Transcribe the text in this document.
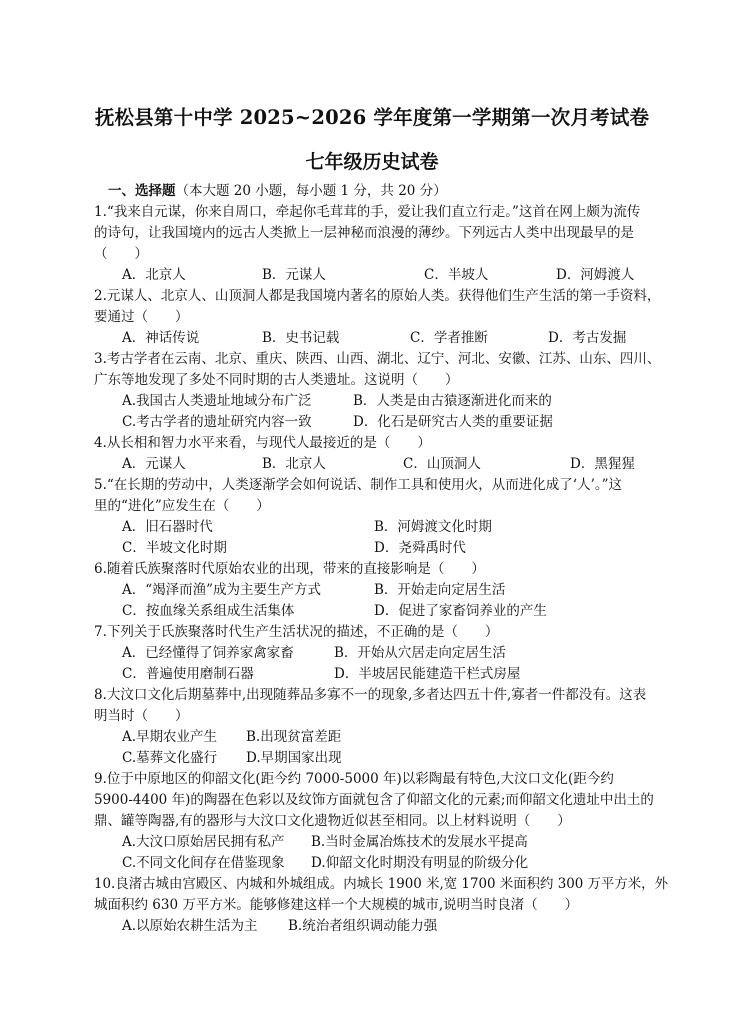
抚松县第十中学 2025~2026 学年度第一学期第一次月考试卷
七年级历史试卷
一、选择题（本大题 20 小题，每小题 1 分，共 20 分）
1.“我来自元谋，你来自周口，牵起你毛茸茸的手，爱让我们直立行走。”这首在网上颇为流传
的诗句，让我国境内的远古人类掀上一层神秘而浪漫的薄纱。下列远古人类中出现最早的是
（　　）
A．北京人	B．元谋人	C．半坡人	D．河姆渡人
2.元谋人、北京人、山顶洞人都是我国境内著名的原始人类。获得他们生产生活的第一手资料，
要通过（　　）
A．神话传说	B．史书记载	C．学者推断	D．考古发掘
3.考古学者在云南、北京、重庆、陕西、山西、湖北、辽宁、河北、安徽、江苏、山东、四川、
广东等地发现了多处不同时期的古人类遗址。这说明（　　）
A.我国古人类遗址地域分布广泛	B．人类是由古猿逐渐进化而来的
C.考古学者的遗址研究内容一致	D．化石是研究古人类的重要证据
4.从长相和智力水平来看，与现代人最接近的是（　　）
A．元谋人	B．北京人	C．山顶洞人	D．黑猩猩
5.“在长期的劳动中，人类逐渐学会如何说话、制作工具和使用火，从而进化成了‘人’。”这
里的“进化”应发生在（　　）
A．旧石器时代	B．河姆渡文化时期
C．半坡文化时期	D．尧舜禹时代
6.随着氏族聚落时代原始农业的出现，带来的直接影响是（　　）
A．“竭泽而渔”成为主要生产方式	B．开始走向定居生活
C．按血缘关系组成生活集体	D．促进了家畜饲养业的产生
7.下列关于氏族聚落时代生产生活状况的描述，不正确的是（　　）
A．已经懂得了饲养家禽家畜	B．开始从穴居走向定居生活
C．普遍使用磨制石器	D．半坡居民能建造干栏式房屋
8.大汶口文化后期墓葬中,出现随葬品多寡不一的现象,多者达四五十件,寡者一件都没有。这表
明当时（　　）
A.早期农业产生 B.出现贫富差距
C.墓葬文化盛行 D.早期国家出现
9.位于中原地区的仰韶文化(距今约 7000-5000 年)以彩陶最有特色,大汶口文化(距今约
5900-4400 年)的陶器在色彩以及纹饰方面就包含了仰韶文化的元素;而仰韶文化遗址中出土的
鼎、罐等陶器,有的器形与大汶口文化遗物近似甚至相同。以上材料说明（　　）
A.大汶口原始居民拥有私产 B.当时金属冶炼技术的发展水平提高
C.不同文化间存在借鉴现象 D.仰韶文化时期没有明显的阶级分化
10.良渚古城由宫殿区、内城和外城组成。内城长 1900 米,宽 1700 米面积约 300 万平方米，外
城面积约 630 万平方米。能够修建这样一个大规模的城市,说明当时良渚（　　）
A.以原始农耕生活为主 B.统治者组织调动能力强
